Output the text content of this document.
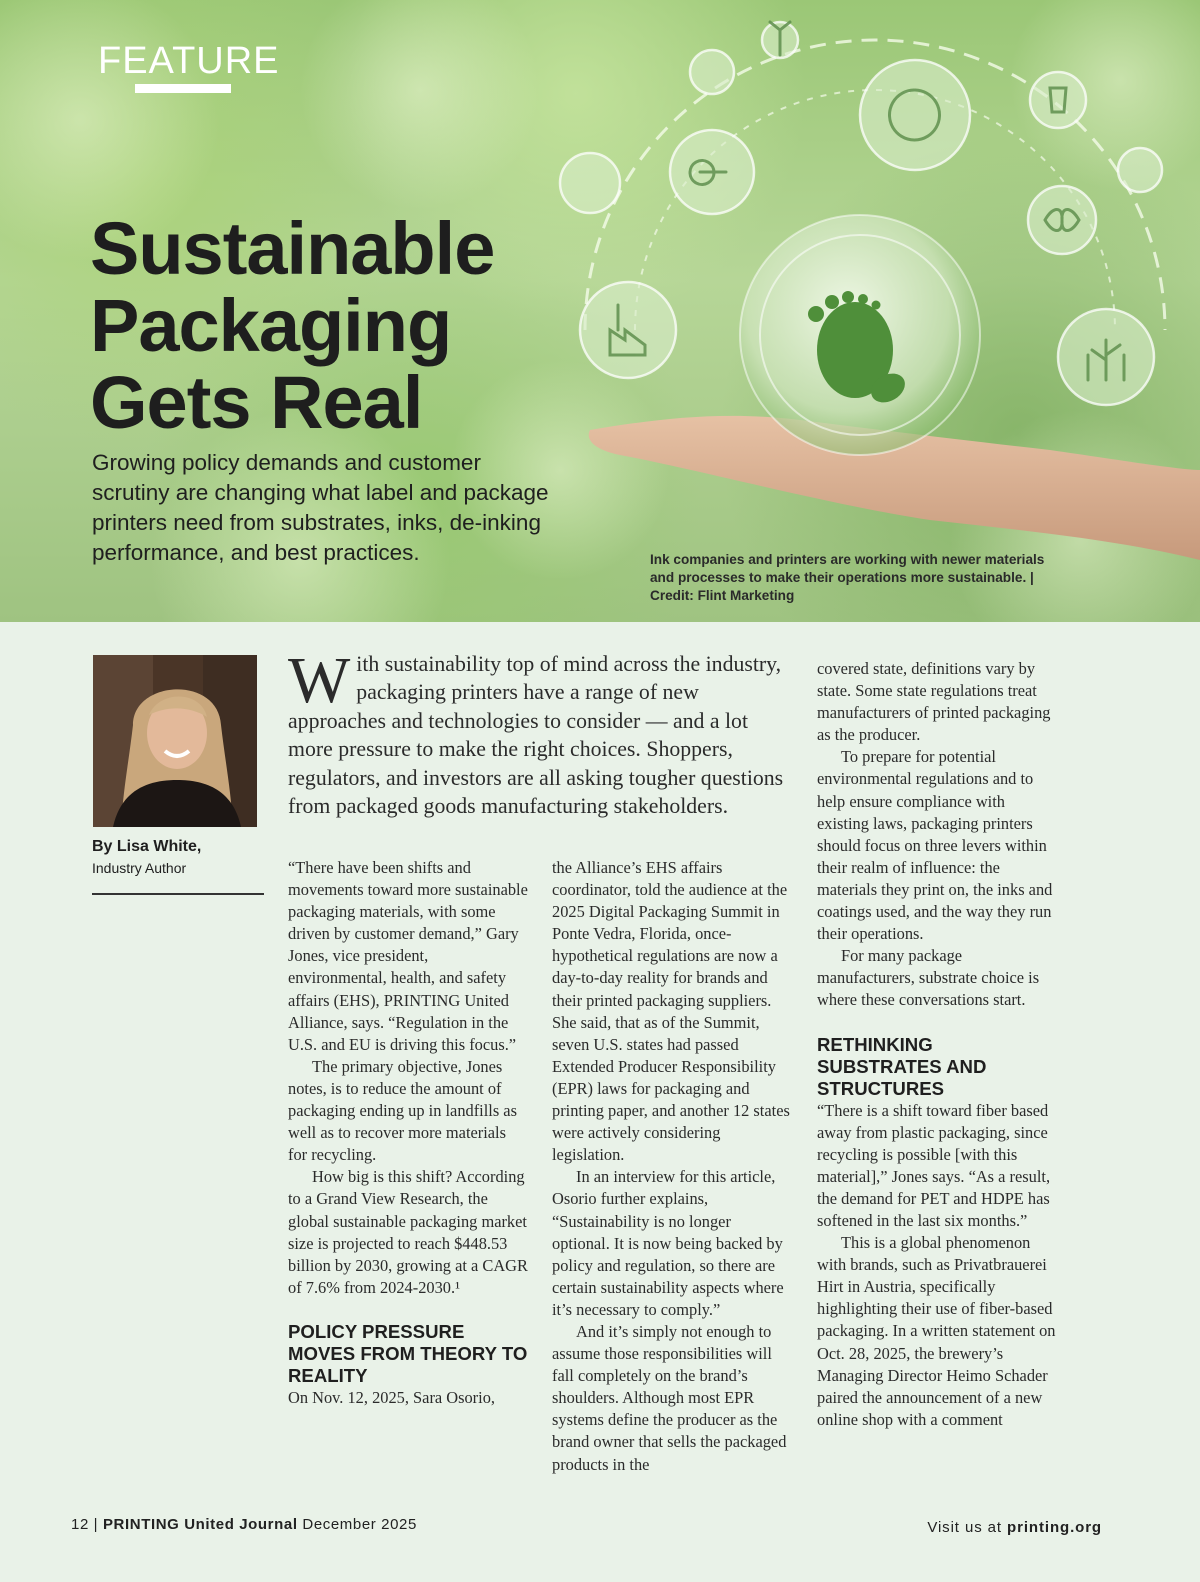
FEATURE
Sustainable Packaging Gets Real

Growing policy demands and customer scrutiny are changing what label and package printers need from substrates, inks, de-inking performance, and best practices.	Ink companies and printers are working with newer materials and processes to make their operations more sustainable. | Credit: Flint Marketing

By Lisa White,
Industry Author

With sustainability top of mind across the industry, packaging printers have a range of new approaches and technologies to consider — and a lot more pressure to make the right choices. Shoppers, regulators, and investors are all asking tougher questions from packaged goods manufacturing stakeholders.

“There have been shifts and movements toward more sustainable packaging materials, with some driven by customer demand,” Gary Jones, vice president, environmental, health, and safety affairs (EHS), PRINTING United Alliance, says. “Regulation in the U.S. and EU is driving this focus.”

The primary objective, Jones notes, is to reduce the amount of packaging ending up in landfills as well as to recover more materials for recycling.

How big is this shift? According to a Grand View Research, the global sustainable packaging market size is projected to reach $448.53 billion by 2030, growing at a CAGR of 7.6% from 2024-2030.¹

POLICY PRESSURE MOVES FROM THEORY TO REALITY

On Nov. 12, 2025, Sara Osorio,

the Alliance’s EHS affairs coordinator, told the audience at the 2025 Digital Packaging Summit in Ponte Vedra, Florida, once-hypothetical regulations are now a day-to-day reality for brands and their printed packaging suppliers. She said, that as of the Summit, seven U.S. states had passed Extended Producer Responsibility (EPR) laws for packaging and printing paper, and another 12 states were actively considering legislation.

In an interview for this article, Osorio further explains, “Sustainability is no longer optional. It is now being backed by policy and regulation, so there are certain sustainability aspects where it’s necessary to comply.”

And it’s simply not enough to assume those responsibilities will fall completely on the brand’s shoulders. Although most EPR systems define the producer as the brand owner that sells the packaged products in the

covered state, definitions vary by state. Some state regulations treat manufacturers of printed packaging as the producer.

To prepare for potential environmental regulations and to help ensure compliance with existing laws, packaging printers should focus on three levers within their realm of influence: the materials they print on, the inks and coatings used, and the way they run their operations.

For many package manufacturers, substrate choice is where these conversations start.

RETHINKING SUBSTRATES AND STRUCTURES

“There is a shift toward fiber based away from plastic packaging, since recycling is possible [with this material],” Jones says. “As a result, the demand for PET and HDPE has softened in the last six months.”

This is a global phenomenon with brands, such as Privatbrauerei Hirt in Austria, specifically highlighting their use of fiber-based packaging. In a written statement on Oct. 28, 2025, the brewery’s Managing Director Heimo Schader paired the announcement of a new online shop with a comment

12 | PRINTING United Journal December 2025	Visit us at printing.org
